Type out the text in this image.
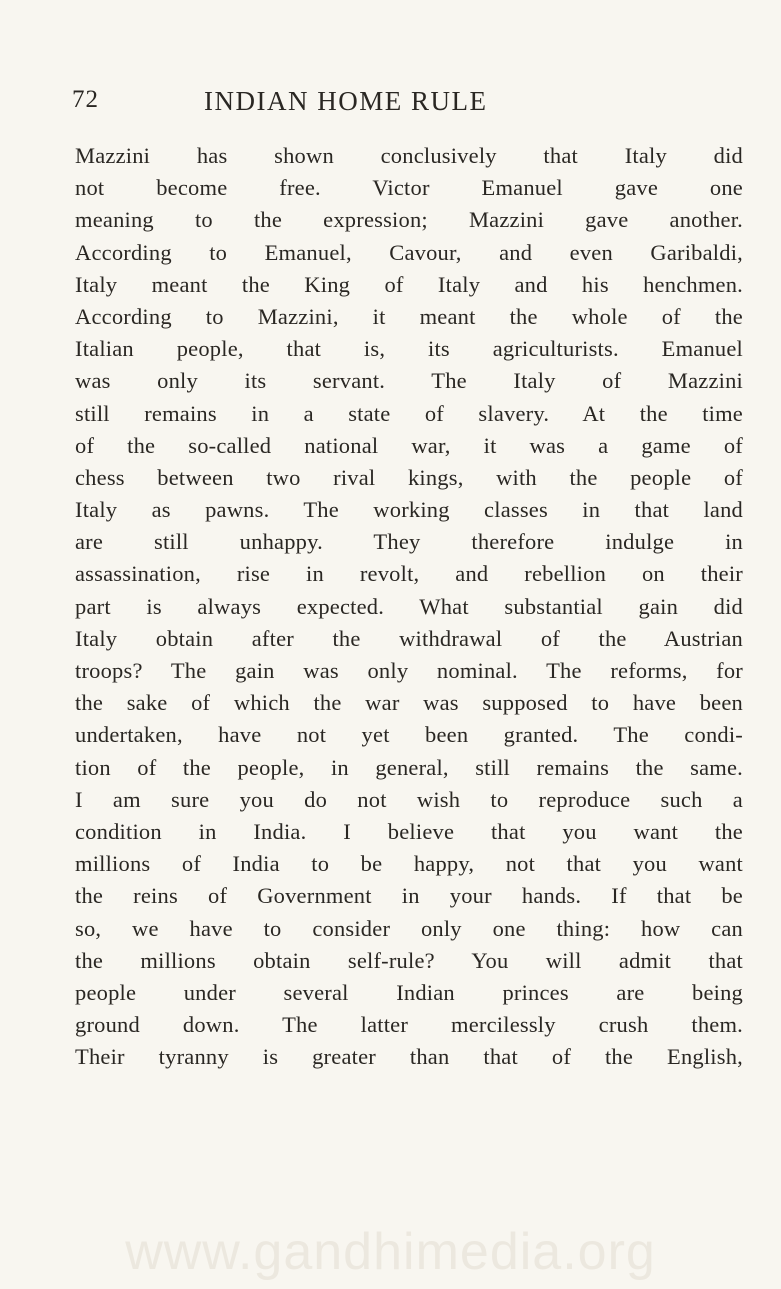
72	INDIAN HOME RULE
Mazzini has shown conclusively that Italy did
not become free. Victor Emanuel gave one
meaning to the expression; Mazzini gave another.
According to Emanuel, Cavour, and even Garibaldi,
Italy meant the King of Italy and his henchmen.
According to Mazzini, it meant the whole of the
Italian people, that is, its agriculturists. Emanuel
was only its servant. The Italy of Mazzini
still remains in a state of slavery. At the time
of the so-called national war, it was a game of
chess between two rival kings, with the people of
Italy as pawns. The working classes in that land
are still unhappy. They therefore indulge in
assassination, rise in revolt, and rebellion on their
part is always expected. What substantial gain did
Italy obtain after the withdrawal of the Austrian
troops? The gain was only nominal. The reforms, for
the sake of which the war was supposed to have been
undertaken, have not yet been granted. The condi-
tion of the people, in general, still remains the same.
I am sure you do not wish to reproduce such a
condition in India. I believe that you want the
millions of India to be happy, not that you want
the reins of Government in your hands. If that be
so, we have to consider only one thing: how can
the millions obtain self-rule? You will admit that
people under several Indian princes are being
ground down. The latter mercilessly crush them.
Their tyranny is greater than that of the English,
www.gandhimedia.org
